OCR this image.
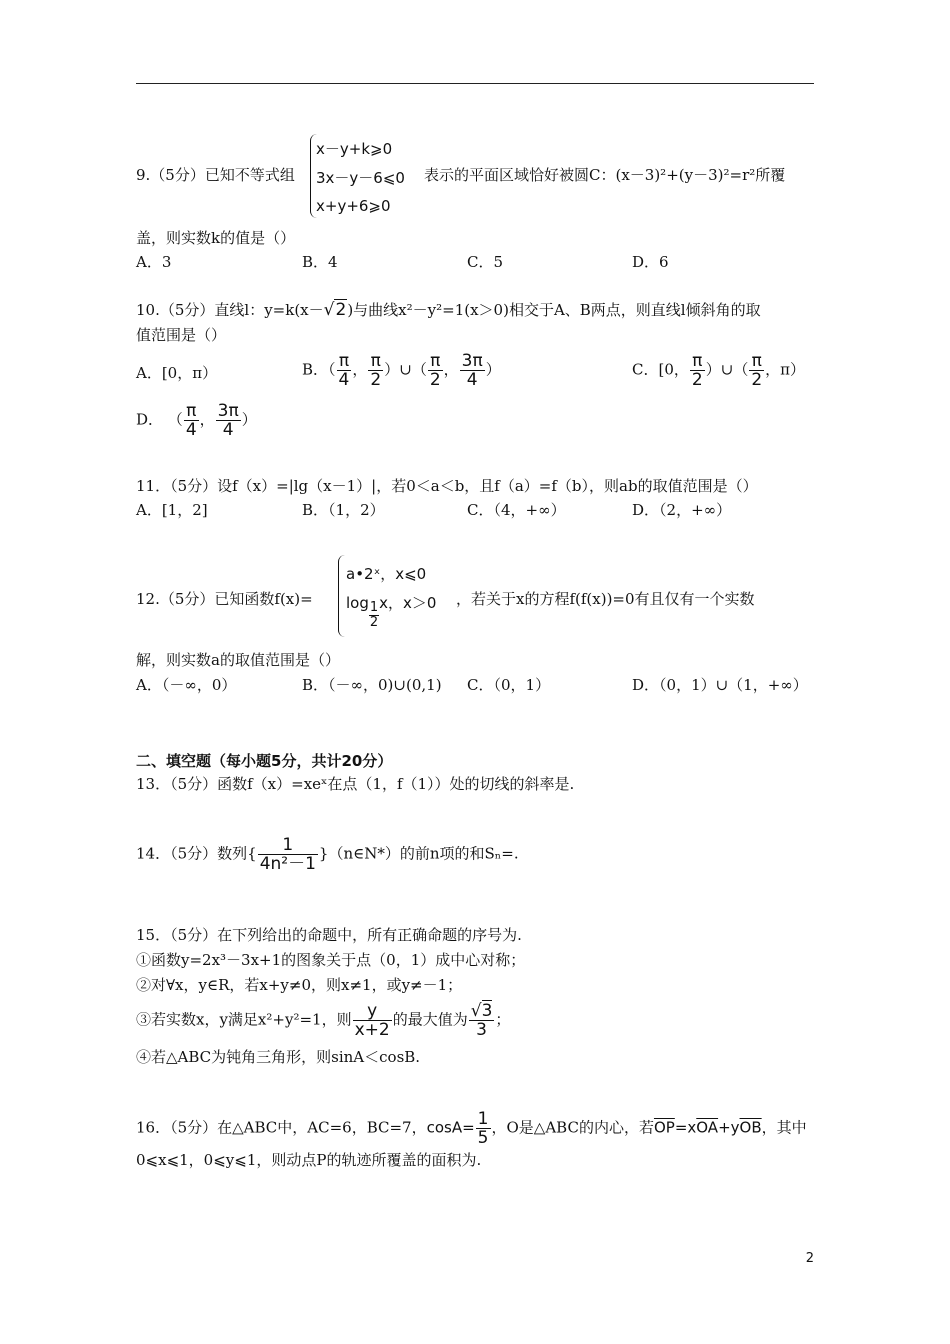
9.（5分）已知不等式组
x－y+k⩾0
3x－y－6⩽0
x+y+6⩾0
表示的平面区域恰好被圆C：(x－3)²+(y－3)²=r²所覆
盖，则实数k的值是（）
A．3	B．4	C．5	D．6
10.（5分）直线l：y=k(x－√2)与曲线x²－y²=1(x＞0)相交于A、B两点，则直线l倾斜角的取
值范围是（）
A．[0，π）	B．（ $\frac{\pi}{4}$ ， $\frac{\pi}{2}$ ）∪（ $\frac{\pi}{2}$ ， $\frac{3\pi}{4}$ ）	C．[0， $\frac{\pi}{2}$ ）∪（ $\frac{\pi}{2}$ ，π）
D． （ $\frac{\pi}{4}$ ， $\frac{3\pi}{4}$ ）
11．（5分）设f（x）=|lg（x－1）|，若0＜a＜b，且f（a）=f（b），则ab的取值范围是（）
A．[1，2]	B．（1，2）	C．（4，+∞）	D．（2，+∞）
12.（5分）已知函数f(x)=
a•2ˣ，x⩽0
$\log \frac{1}{2}$ x，x＞0 ，若关于x的方程f(f(x))=0有且仅有一个实数
解，则实数a的取值范围是（）
A．（－∞，0）	B．（－∞，0)∪(0,1) C．（0，1）	D．（0，1）∪（1，+∞）
二、填空题（每小题5分，共计20分）
13．（5分）函数f（x）=xeˣ在点（1，f（1））处的切线的斜率是.
14．（5分）数列{ $\frac{1}{\text{4n²－1}}$ }（n∈N*）的前n项的和Sₙ=.
15．（5分）在下列给出的命题中，所有正确命题的序号为.
①函数y=2x³－3x+1的图象关于点（0，1）成中心对称；
②对∀x，y∈R，若x+y≠0，则x≠1，或y≠－1；
③若实数x，y满足x²+y²=1，则 $\frac{y}{x+2}$ 的最大值为 $\frac{√3}{3}$ ；
④若△ABC为钝角三角形，则sinA＜cosB.
16．（5分）在△ABC中，AC=6，BC=7，$\cos A= \frac{1}{5}$ ，O是△ABC的内心，若$\overline{OP}=x\overline{OA}+y\overline{OB}$，其中
0⩽x⩽1，0⩽y⩽1，则动点P的轨迹所覆盖的面积为.
2
